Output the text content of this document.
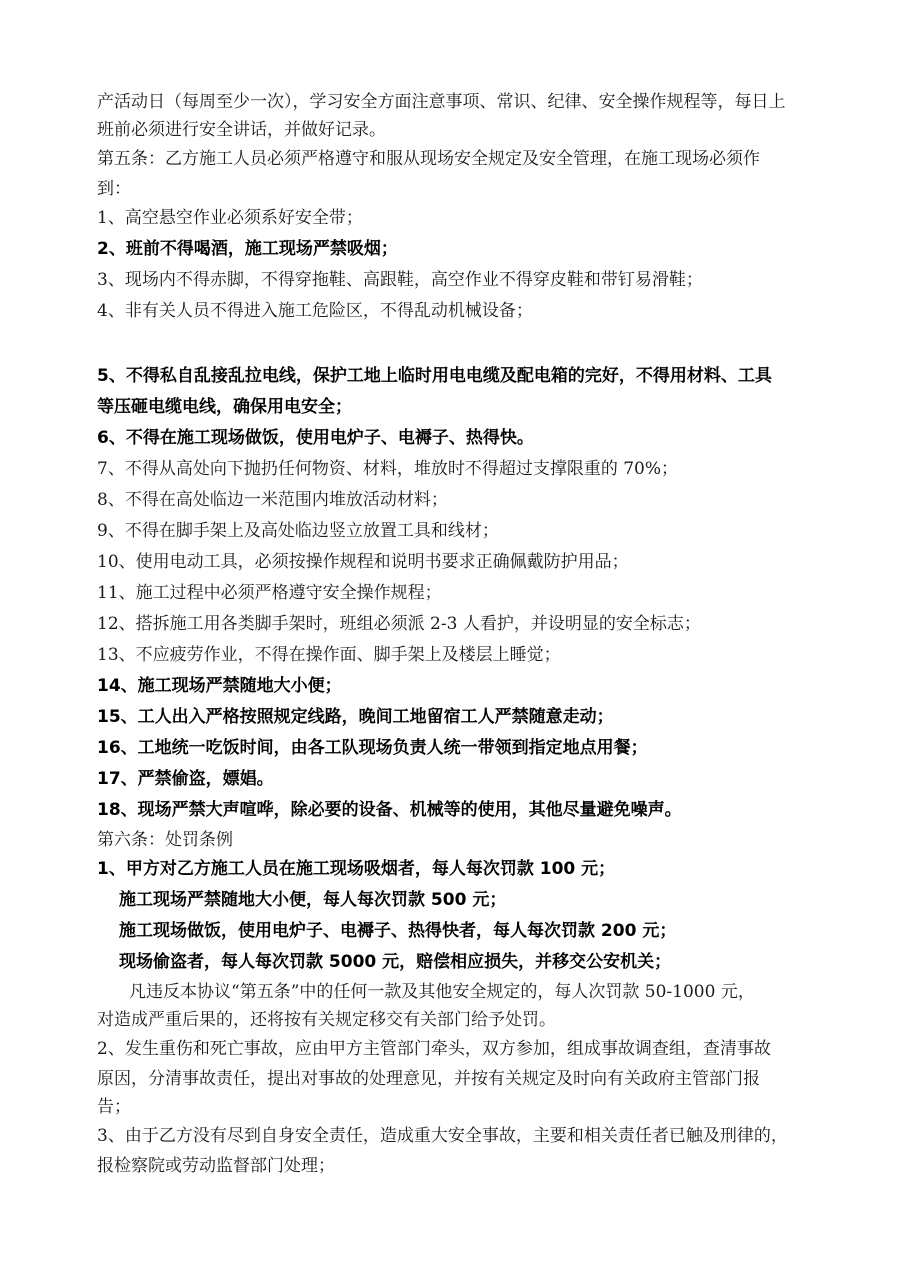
产活动日（每周至少一次），学习安全方面注意事项、常识、纪律、安全操作规程等，每日上
班前必须进行安全讲话，并做好记录。
第五条：乙方施工人员必须严格遵守和服从现场安全规定及安全管理，在施工现场必须作
到：
1、高空悬空作业必须系好安全带；
2、班前不得喝酒，施工现场严禁吸烟；
3、现场内不得赤脚，不得穿拖鞋、高跟鞋，高空作业不得穿皮鞋和带钉易滑鞋；
4、非有关人员不得进入施工危险区，不得乱动机械设备；
5、不得私自乱接乱拉电线，保护工地上临时用电电缆及配电箱的完好，不得用材料、工具
等压砸电缆电线，确保用电安全；
6、不得在施工现场做饭，使用电炉子、电褥子、热得快。
7、不得从高处向下抛扔任何物资、材料，堆放时不得超过支撑限重的 70%；
8、不得在高处临边一米范围内堆放活动材料；
9、不得在脚手架上及高处临边竖立放置工具和线材；
10、使用电动工具，必须按操作规程和说明书要求正确佩戴防护用品；
11、施工过程中必须严格遵守安全操作规程；
12、搭拆施工用各类脚手架时，班组必须派 2-3 人看护，并设明显的安全标志；
13、不应疲劳作业，不得在操作面、脚手架上及楼层上睡觉；
14、施工现场严禁随地大小便；
15、工人出入严格按照规定线路，晚间工地留宿工人严禁随意走动；
16、工地统一吃饭时间，由各工队现场负责人统一带领到指定地点用餐；
17、严禁偷盗，嫖娼。
18、现场严禁大声喧哗，除必要的设备、机械等的使用，其他尽量避免噪声。
第六条：处罚条例
1、甲方对乙方施工人员在施工现场吸烟者，每人每次罚款 100 元；
施工现场严禁随地大小便，每人每次罚款 500 元；
施工现场做饭，使用电炉子、电褥子、热得快者，每人每次罚款 200 元；
现场偷盗者，每人每次罚款 5000 元，赔偿相应损失，并移交公安机关；
凡违反本协议“第五条”中的任何一款及其他安全规定的，每人次罚款 50-1000 元，
对造成严重后果的，还将按有关规定移交有关部门给予处罚。
2、发生重伤和死亡事故，应由甲方主管部门牵头，双方参加，组成事故调查组，查清事故
原因，分清事故责任，提出对事故的处理意见，并按有关规定及时向有关政府主管部门报
告；
3、由于乙方没有尽到自身安全责任，造成重大安全事故，主要和相关责任者已触及刑律的，
报检察院或劳动监督部门处理；
